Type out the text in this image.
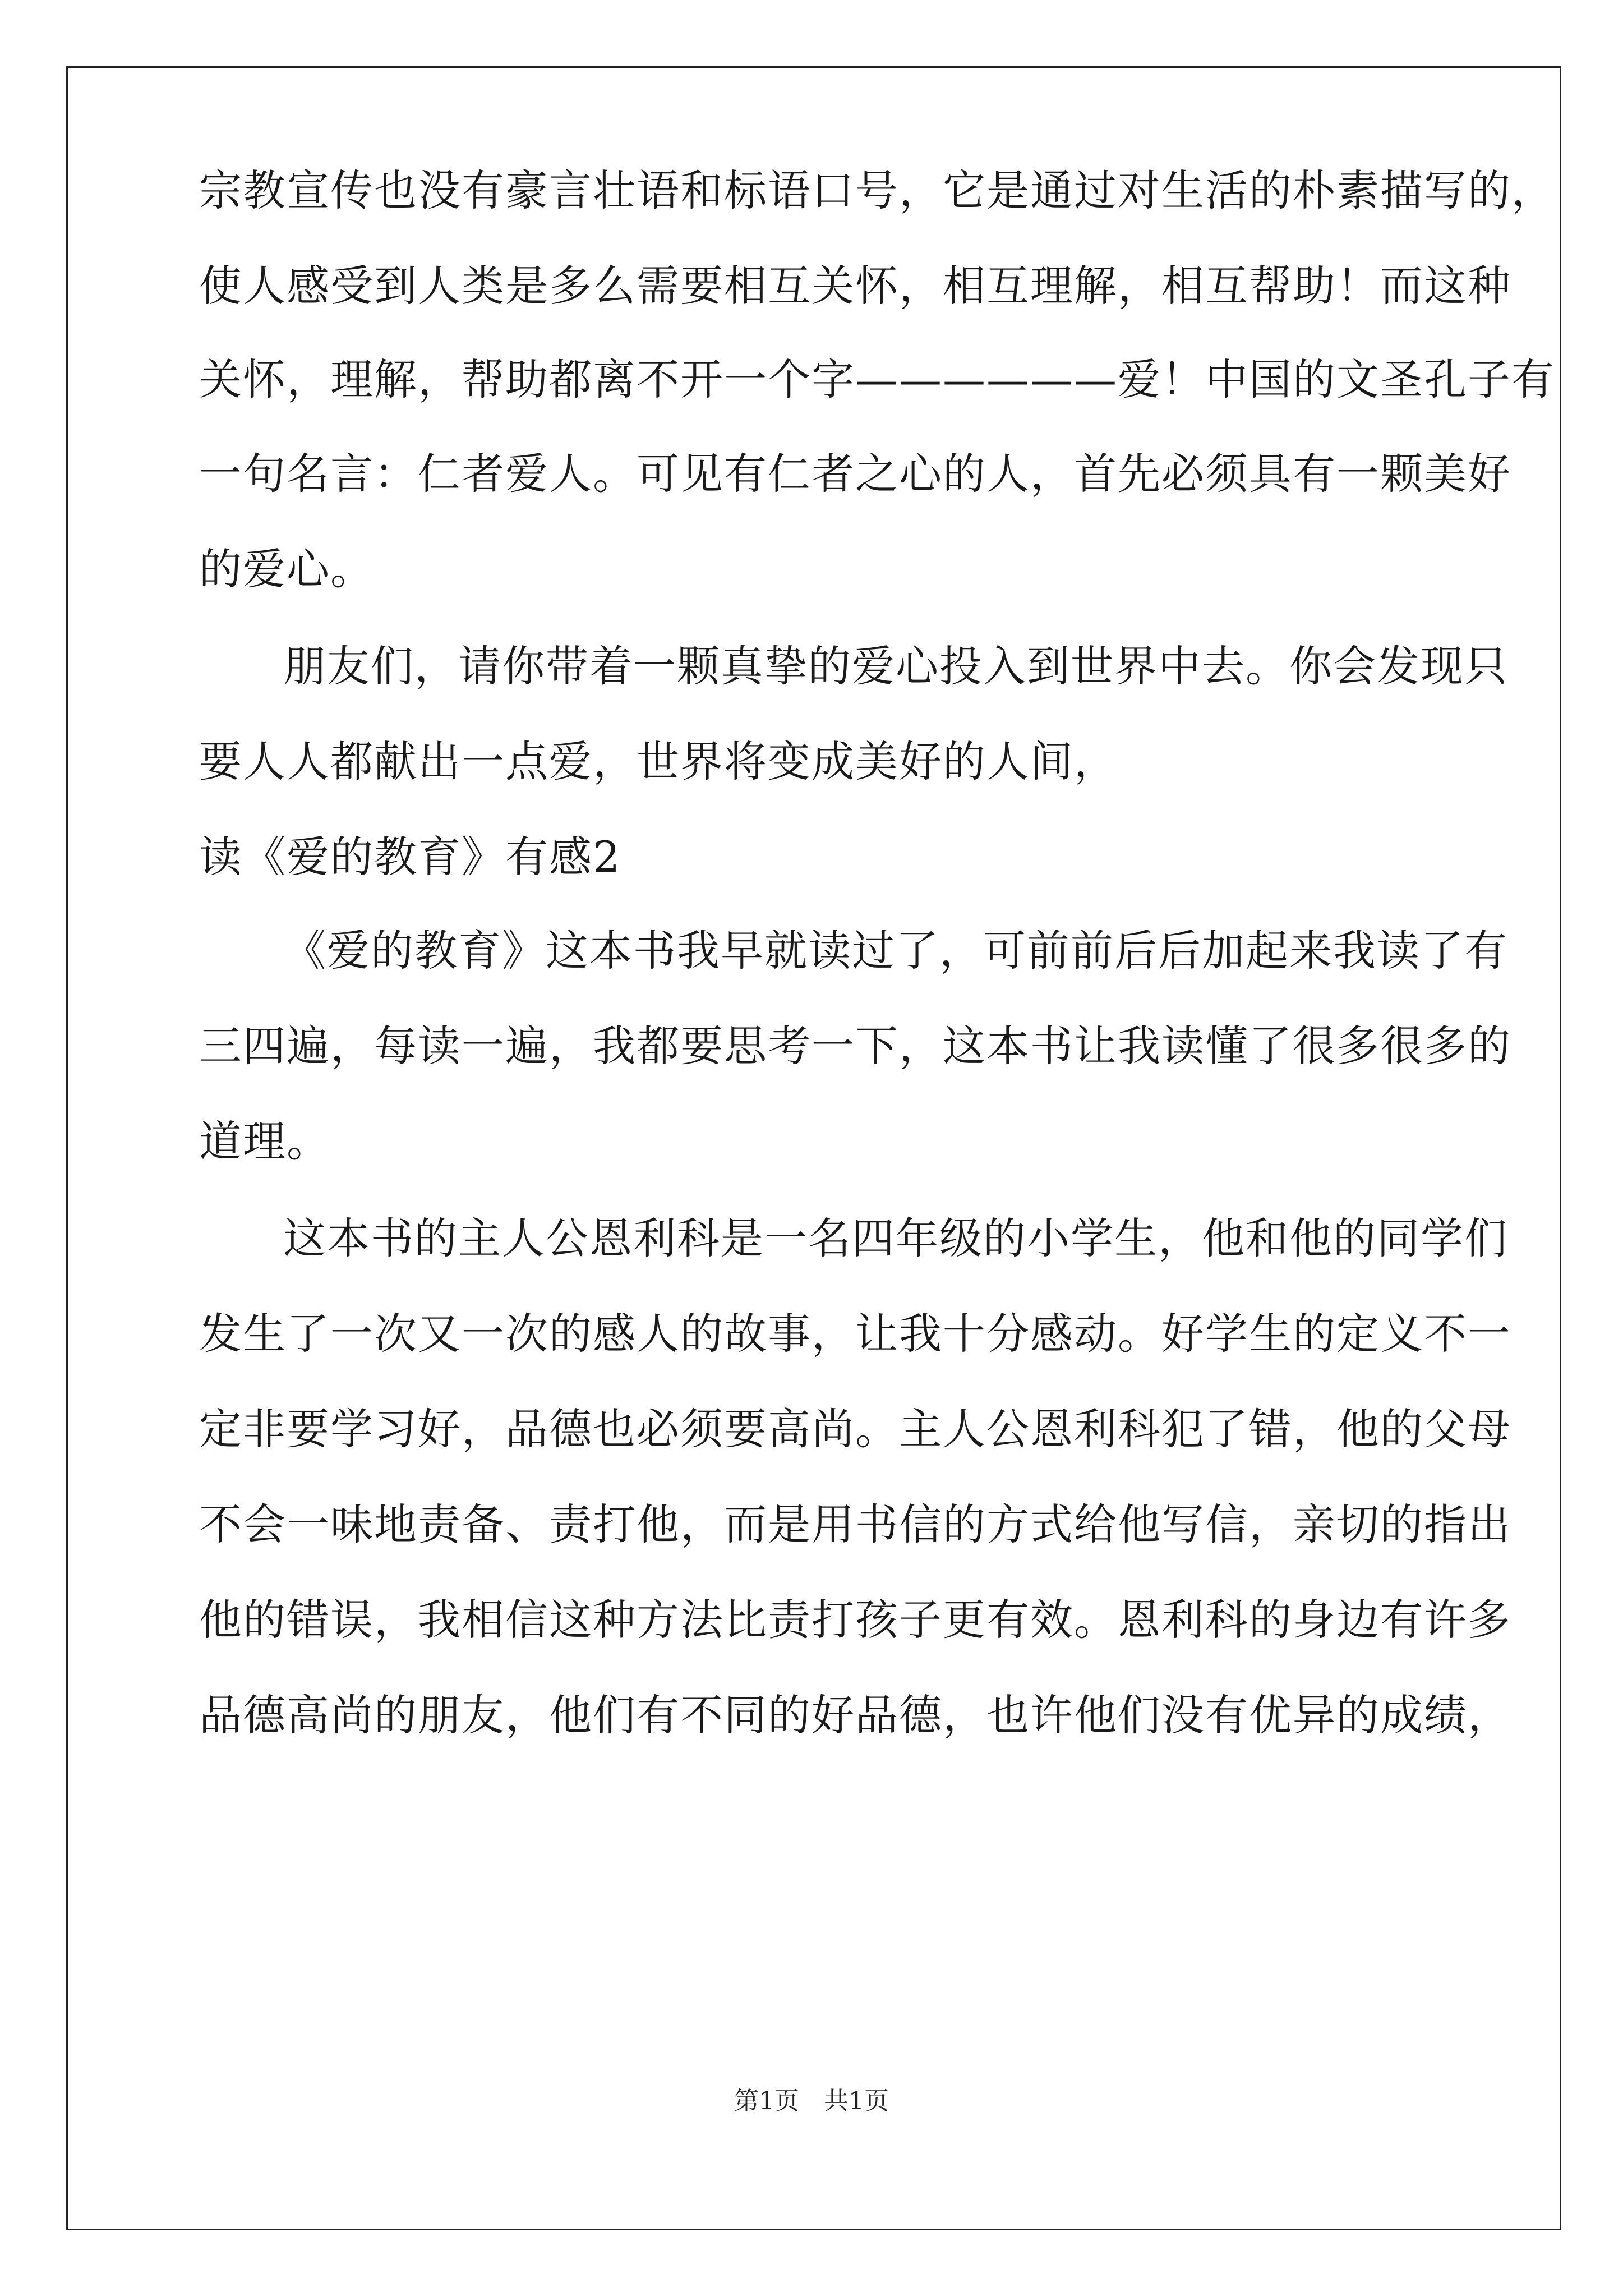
宗教宣传也没有豪言壮语和标语口号，它是通过对生活的朴素描写的，
使人感受到人类是多么需要相互关怀，相互理解，相互帮助！而这种
关怀，理解，帮助都离不开一个字——————爱！中国的文圣孔子有
一句名言：仁者爱人。可见有仁者之心的人，首先必须具有一颗美好
的爱心。
朋友们，请你带着一颗真挚的爱心投入到世界中去。你会发现只
要人人都献出一点爱，世界将变成美好的人间，
读《爱的教育》有感2
《爱的教育》这本书我早就读过了，可前前后后加起来我读了有
三四遍，每读一遍，我都要思考一下，这本书让我读懂了很多很多的
道理。
这本书的主人公恩利科是一名四年级的小学生，他和他的同学们
发生了一次又一次的感人的故事，让我十分感动。好学生的定义不一
定非要学习好，品德也必须要高尚。主人公恩利科犯了错，他的父母
不会一味地责备、责打他，而是用书信的方式给他写信，亲切的指出
他的错误，我相信这种方法比责打孩子更有效。恩利科的身边有许多
品德高尚的朋友，他们有不同的好品德，也许他们没有优异的成绩，
第1页　共1页
